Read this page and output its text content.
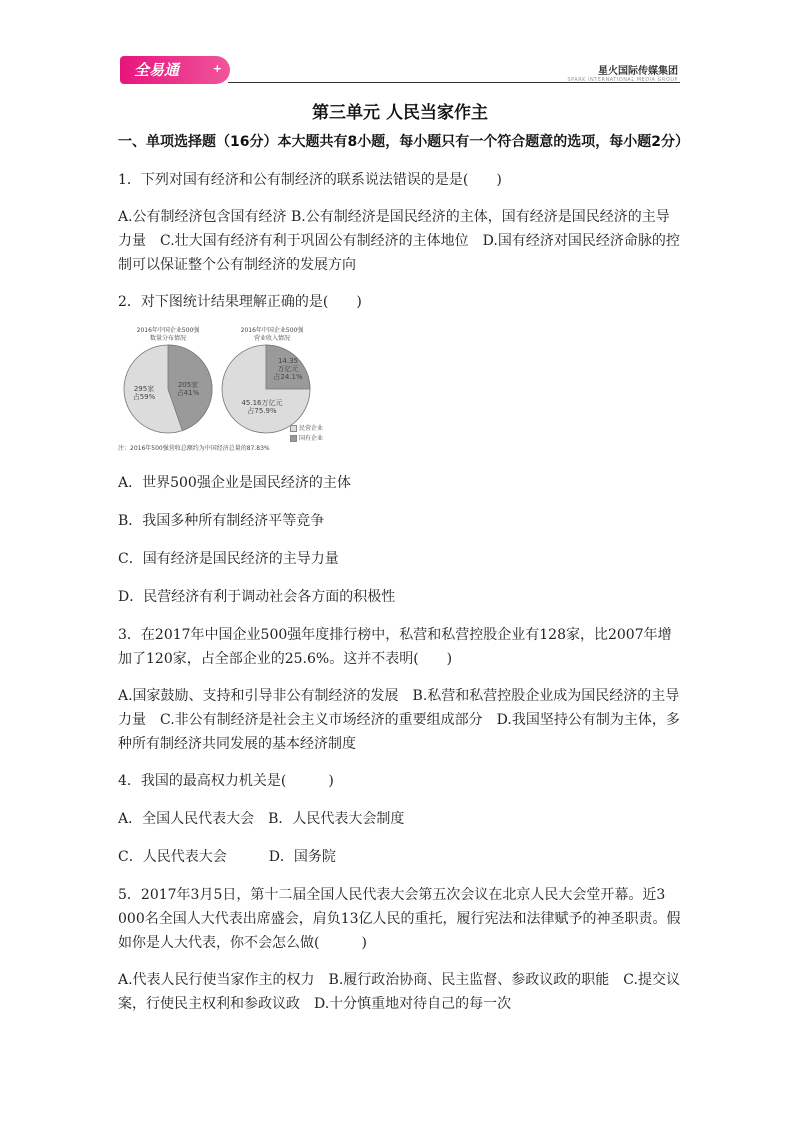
全易通	+	星火国际传媒集团
SPARK INTERNATIONAL MEDIA GROUP
第三单元 人民当家作主
一、单项选择题（16分）本大题共有8小题，每小题只有一个符合题意的选项，每小题2分）
1．下列对国有经济和公有制经济的联系说法错误的是是(　　)
A.公有制经济包含国有经济 B.公有制经济是国民经济的主体，国有经济是国民经济的主导力量　C.壮大国有经济有利于巩固公有制经济的主体地位　D.国有经济对国民经济命脉的控制可以保证整个公有制经济的发展方向
2．对下图统计结果理解正确的是(　　)
2016年中国企业500强
数量分布情况
2016年中国企业500强
营业收入情况
295家
占59%
205家
占41%
45.16万亿元
占75.9%
14.35
万亿元
占24.1%
民营企业
国有企业
注：2016年500强营收总额约为中国经济总量的87.83%
A．世界500强企业是国民经济的主体
B．我国多种所有制经济平等竞争
C．国有经济是国民经济的主导力量
D．民营经济有利于调动社会各方面的积极性
3．在2017年中国企业500强年度排行榜中，私营和私营控股企业有128家，比2007年增加了120家，占全部企业的25.6%。这并不表明(　　)
A.国家鼓励、支持和引导非公有制经济的发展　B.私营和私营控股企业成为国民经济的主导力量　C.非公有制经济是社会主义市场经济的重要组成部分　D.我国坚持公有制为主体，多种所有制经济共同发展的基本经济制度
4．我国的最高权力机关是(　　　)
A．全国人民代表大会　B．人民代表大会制度
C．人民代表大会　　　D．国务院
5．2017年3月5日，第十二届全国人民代表大会第五次会议在北京人民大会堂开幕。近3 000名全国人大代表出席盛会，肩负13亿人民的重托，履行宪法和法律赋予的神圣职责。假如你是人大代表，你不会怎么做(　　　)
A.代表人民行使当家作主的权力　B.履行政治协商、民主监督、参政议政的职能　C.提交议案，行使民主权利和参政议政　D.十分慎重地对待自己的每一次
